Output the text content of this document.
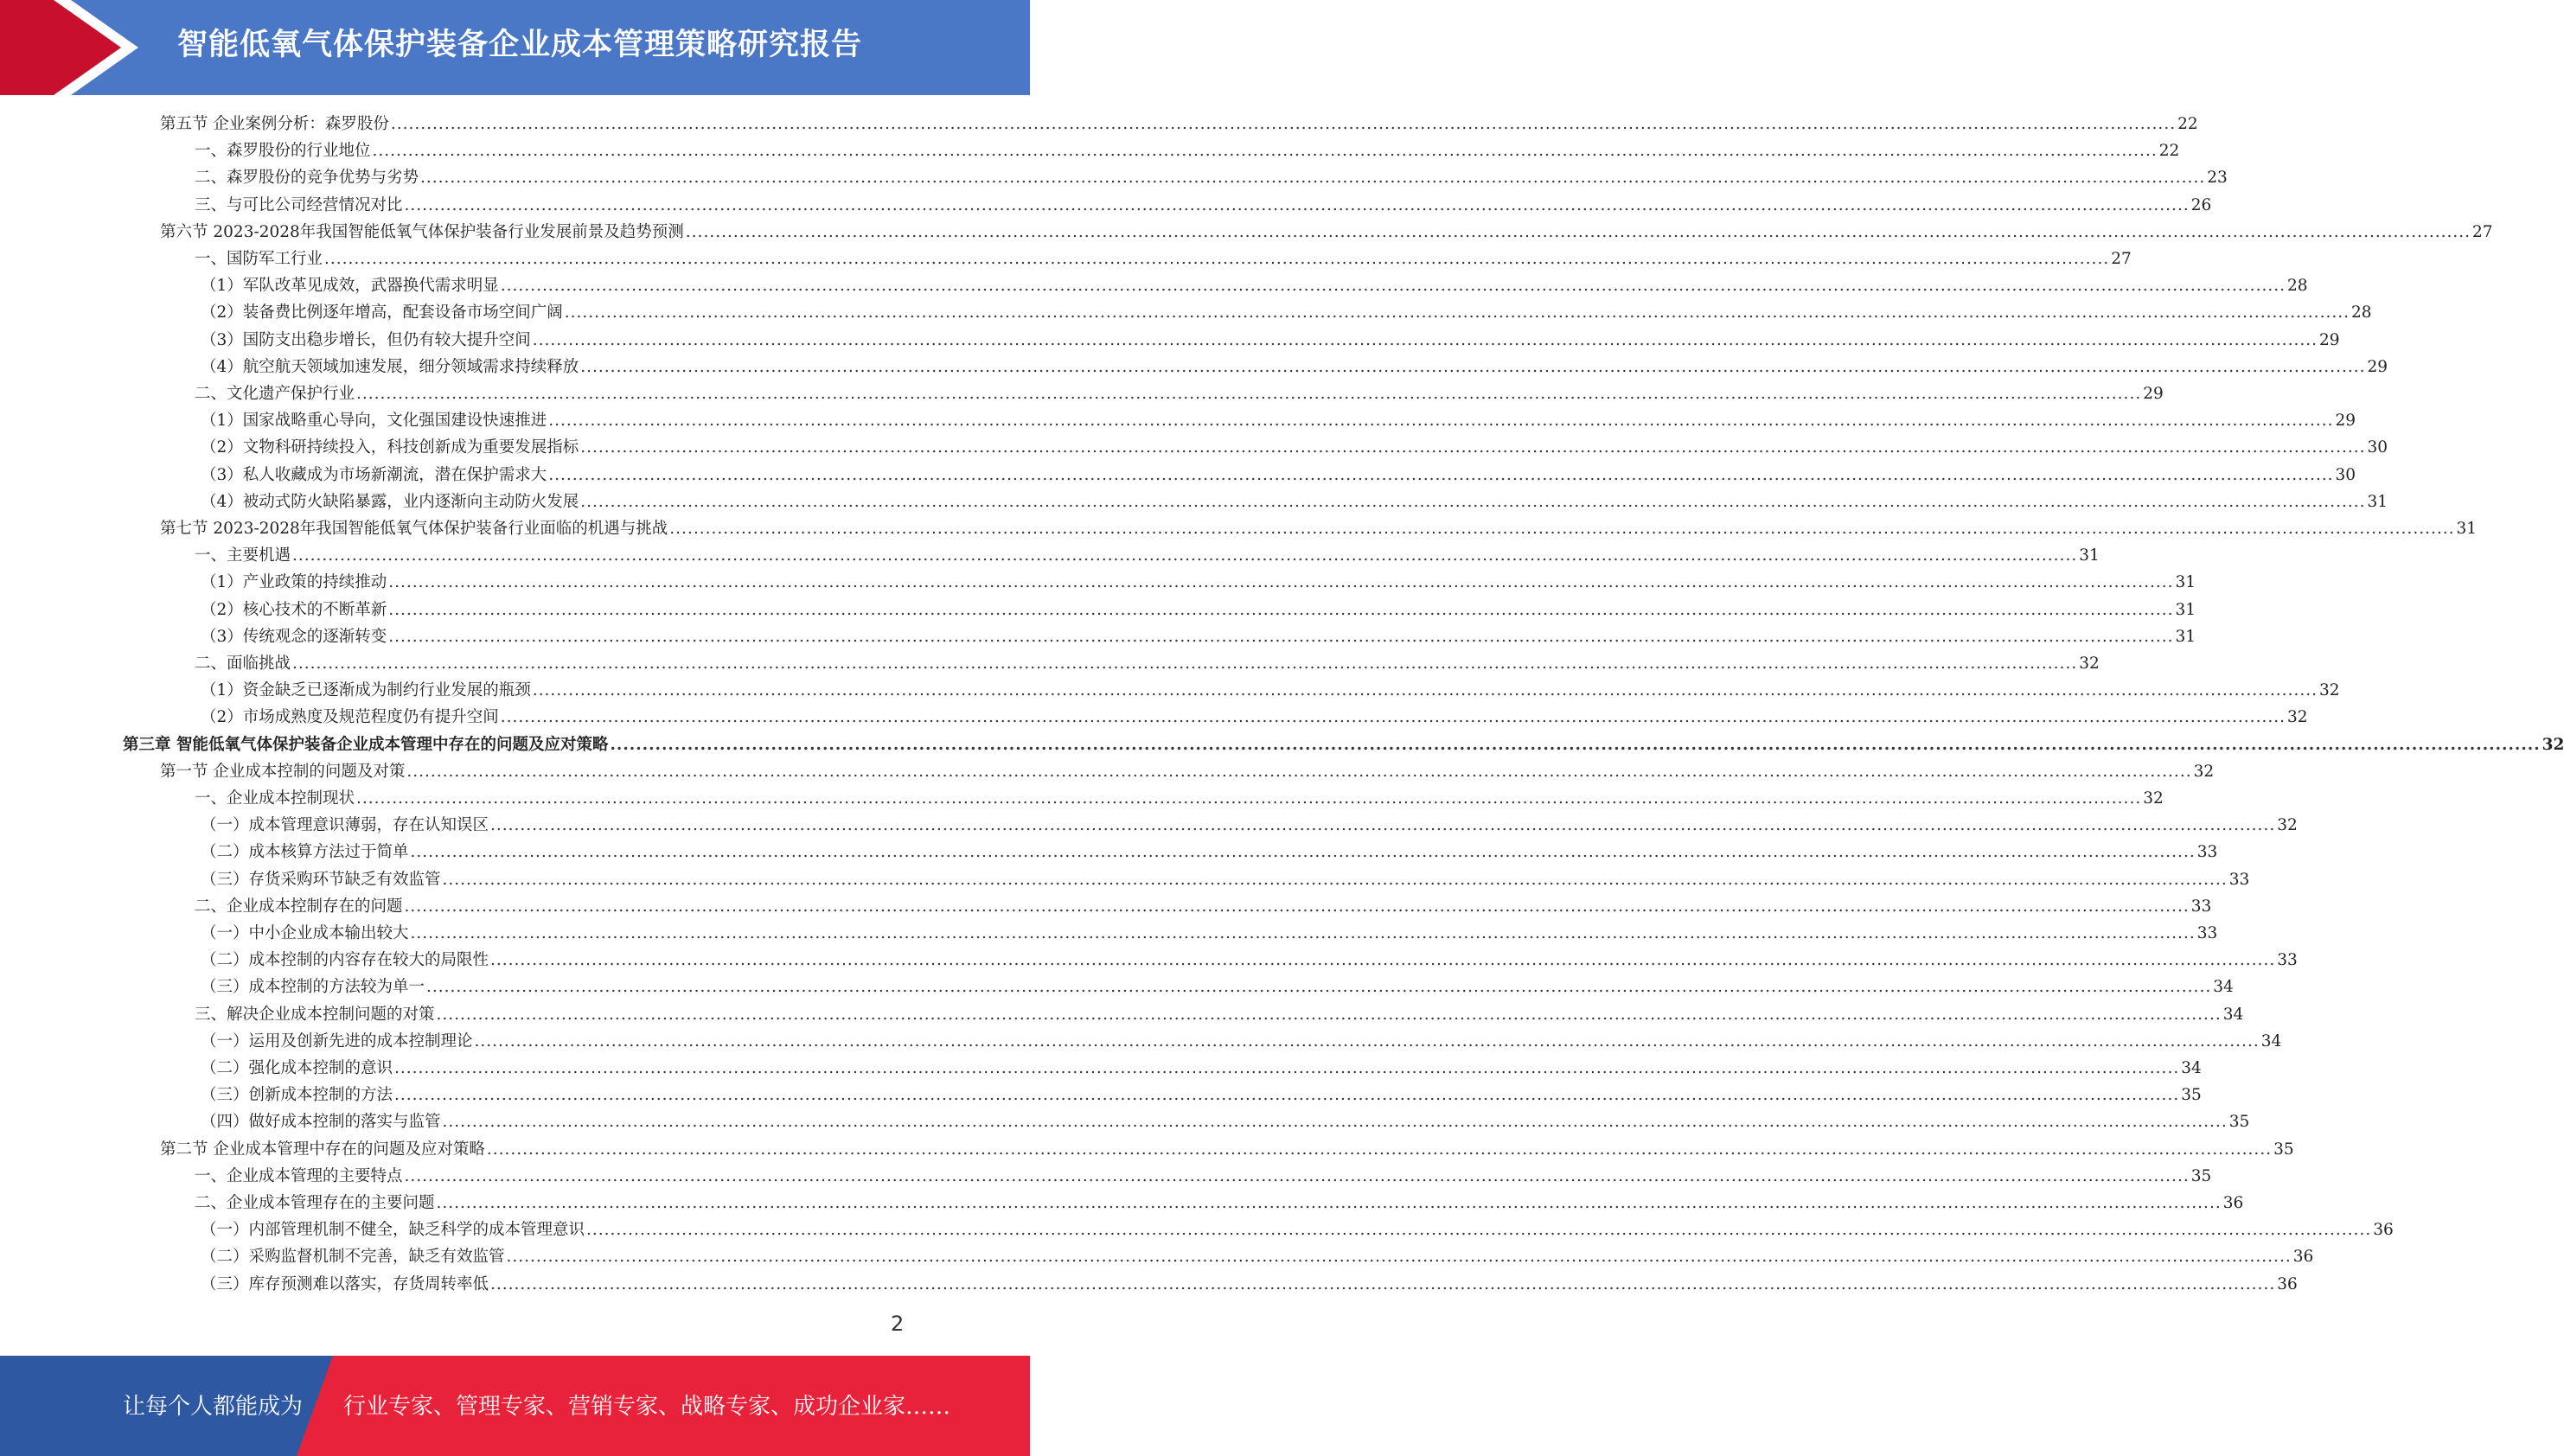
智能低氧气体保护装备企业成本管理策略研究报告
第五节 企业案例分析：森罗股份 ............................................................................................................................................................................................................................................................................................................ 22
一、森罗股份的行业地位 ............................................................................................................................................................................................................................................................................................................ 22
二、森罗股份的竞争优势与劣势 ............................................................................................................................................................................................................................................................................................................ 23
三、与可比公司经营情况对比 ............................................................................................................................................................................................................................................................................................................ 26
第六节 2023-2028年我国智能低氧气体保护装备行业发展前景及趋势预测 ............................................................................................................................................................................................................................................................................................................ 27
一、国防军工行业 ............................................................................................................................................................................................................................................................................................................ 27
（1）军队改革见成效，武器换代需求明显 ............................................................................................................................................................................................................................................................................................................ 28
（2）装备费比例逐年增高，配套设备市场空间广阔 ............................................................................................................................................................................................................................................................................................................ 28
（3）国防支出稳步增长，但仍有较大提升空间 ............................................................................................................................................................................................................................................................................................................ 29
（4）航空航天领域加速发展，细分领域需求持续释放 ............................................................................................................................................................................................................................................................................................................ 29
二、文化遗产保护行业 ............................................................................................................................................................................................................................................................................................................ 29
（1）国家战略重心导向，文化强国建设快速推进 ............................................................................................................................................................................................................................................................................................................ 29
（2）文物科研持续投入，科技创新成为重要发展指标 ............................................................................................................................................................................................................................................................................................................ 30
（3）私人收藏成为市场新潮流，潜在保护需求大 ............................................................................................................................................................................................................................................................................................................ 30
（4）被动式防火缺陷暴露，业内逐渐向主动防火发展 ............................................................................................................................................................................................................................................................................................................ 31
第七节 2023-2028年我国智能低氧气体保护装备行业面临的机遇与挑战 ............................................................................................................................................................................................................................................................................................................ 31
一、主要机遇 ............................................................................................................................................................................................................................................................................................................ 31
（1）产业政策的持续推动 ............................................................................................................................................................................................................................................................................................................ 31
（2）核心技术的不断革新 ............................................................................................................................................................................................................................................................................................................ 31
（3）传统观念的逐渐转变 ............................................................................................................................................................................................................................................................................................................ 31
二、面临挑战 ............................................................................................................................................................................................................................................................................................................ 32
（1）资金缺乏已逐渐成为制约行业发展的瓶颈 ............................................................................................................................................................................................................................................................................................................ 32
（2）市场成熟度及规范程度仍有提升空间 ............................................................................................................................................................................................................................................................................................................ 32
第三章 智能低氧气体保护装备企业成本管理中存在的问题及应对策略 ............................................................................................................................................................................................................................................................................................................ 32
第一节 企业成本控制的问题及对策 ............................................................................................................................................................................................................................................................................................................ 32
一、企业成本控制现状 ............................................................................................................................................................................................................................................................................................................ 32
（一）成本管理意识薄弱，存在认知误区 ............................................................................................................................................................................................................................................................................................................ 32
（二）成本核算方法过于简单 ............................................................................................................................................................................................................................................................................................................ 33
（三）存货采购环节缺乏有效监管 ............................................................................................................................................................................................................................................................................................................ 33
二、企业成本控制存在的问题 ............................................................................................................................................................................................................................................................................................................ 33
（一）中小企业成本输出较大 ............................................................................................................................................................................................................................................................................................................ 33
（二）成本控制的内容存在较大的局限性 ............................................................................................................................................................................................................................................................................................................ 33
（三）成本控制的方法较为单一 ............................................................................................................................................................................................................................................................................................................ 34
三、解决企业成本控制问题的对策 ............................................................................................................................................................................................................................................................................................................ 34
（一）运用及创新先进的成本控制理论 ............................................................................................................................................................................................................................................................................................................ 34
（二）强化成本控制的意识 ............................................................................................................................................................................................................................................................................................................ 34
（三）创新成本控制的方法 ............................................................................................................................................................................................................................................................................................................ 35
（四）做好成本控制的落实与监管 ............................................................................................................................................................................................................................................................................................................ 35
第二节 企业成本管理中存在的问题及应对策略 ............................................................................................................................................................................................................................................................................................................ 35
一、企业成本管理的主要特点 ............................................................................................................................................................................................................................................................................................................ 35
二、企业成本管理存在的主要问题 ............................................................................................................................................................................................................................................................................................................ 36
（一）内部管理机制不健全，缺乏科学的成本管理意识 ............................................................................................................................................................................................................................................................................................................ 36
（二）采购监督机制不完善，缺乏有效监管 ............................................................................................................................................................................................................................................................................................................ 36
（三）库存预测难以落实，存货周转率低 ............................................................................................................................................................................................................................................................................................................ 36
2
让每个人都能成为 行业专家、管理专家、营销专家、战略专家、成功企业家……
